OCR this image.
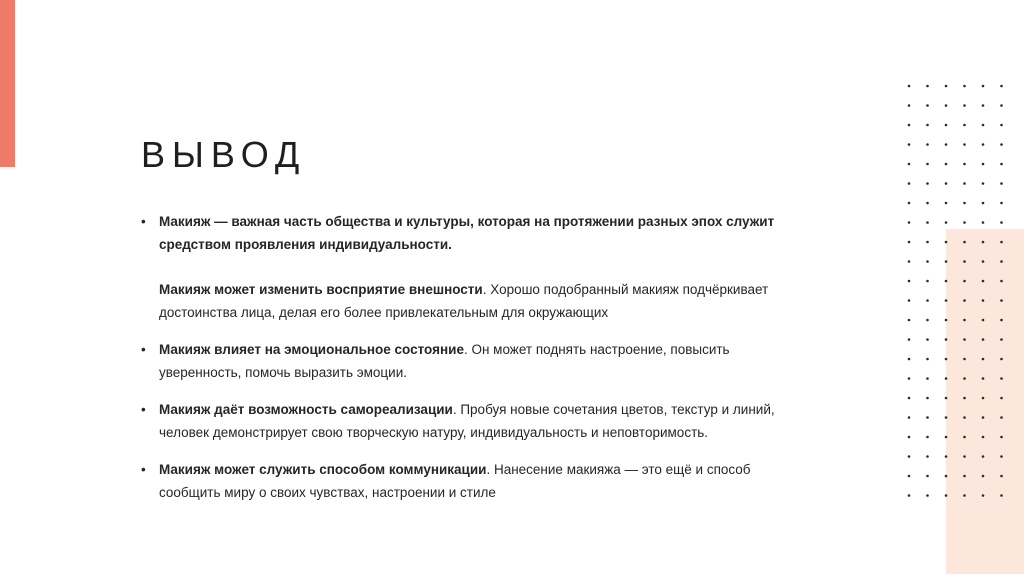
ВЫВОД
• Макияж — важная часть общества и культуры, которая на протяжении разных эпох служит средством проявления индивидуальности.
Макияж может изменить восприятие внешности. Хорошо подобранный макияж подчёркивает достоинства лица, делая его более привлекательным для окружающих
• Макияж влияет на эмоциональное состояние. Он может поднять настроение, повысить уверенность, помочь выразить эмоции.
• Макияж даёт возможность самореализации. Пробуя новые сочетания цветов, текстур и линий, человек демонстрирует свою творческую натуру, индивидуальность и неповторимость.
• Макияж может служить способом коммуникации. Нанесение макияжа — это ещё и способ сообщить миру о своих чувствах, настроении и стиле
